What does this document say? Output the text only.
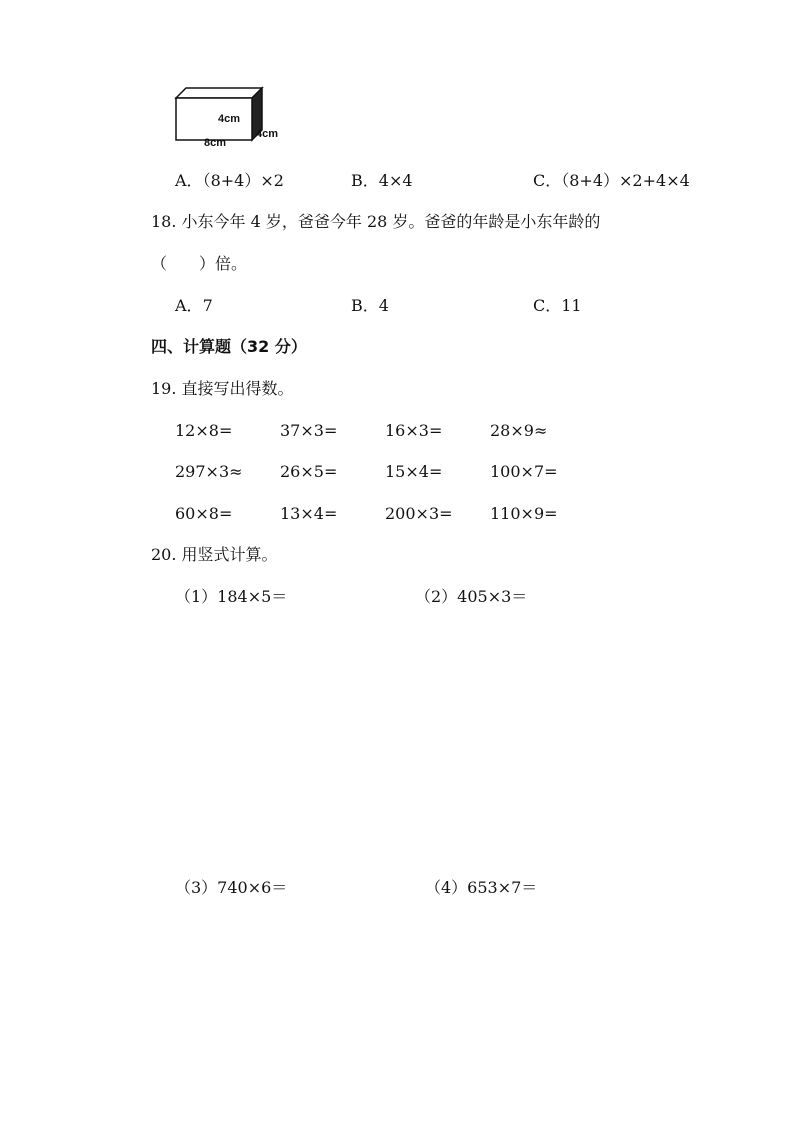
4cm
4cm
8cm
A．（8+4）×2	B．4×4	C．（8+4）×2+4×4
18. 小东今年 4 岁，爸爸今年 28 岁。爸爸的年龄是小东年龄的
（　　）倍。
A．7	B．4	C．11
四、计算题（32 分）
19. 直接写出得数。
12×8=	37×3=	16×3=	28×9≈
297×3≈ 26×5=	15×4=	100×7=
60×8=	13×4=	200×3= 110×9=
20. 用竖式计算。
（1）184×5＝	（2）405×3＝
（3）740×6＝	（4）653×7＝
